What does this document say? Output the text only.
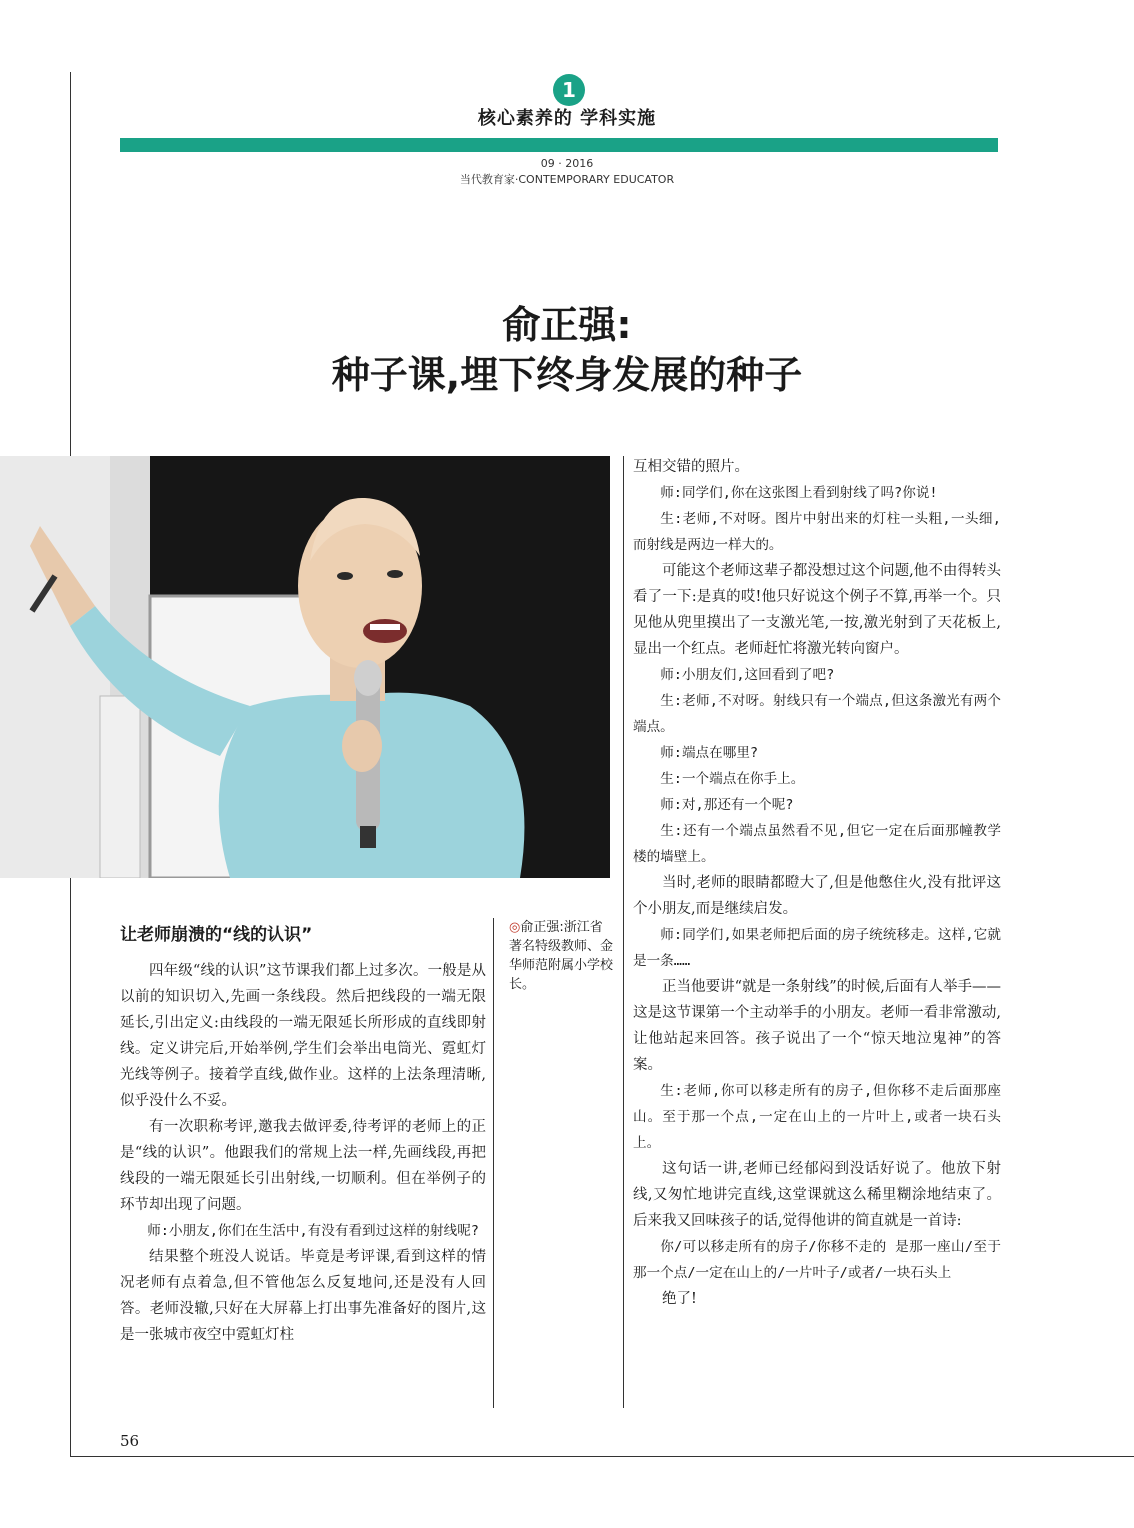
1
核心素养的 学科实施
09 · 2016
当代教育家·CONTEMPORARY EDUCATOR
俞正强:
种子课,埋下终身发展的种子
让老师崩溃的“线的认识”	◎俞正强:浙江省著名特级教师、金华师范附属小学校长。

四年级“线的认识”这节课我们都上过多次。一般是从以前的知识切入,先画一条线段。然后把线段的一端无限延长,引出定义:由线段的一端无限延长所形成的直线即射线。定义讲完后,开始举例,学生们会举出电筒光、霓虹灯光线等例子。接着学直线,做作业。这样的上法条理清晰,似乎没什么不妥。

有一次职称考评,邀我去做评委,待考评的老师上的正是“线的认识”。他跟我们的常规上法一样,先画线段,再把线段的一端无限延长引出射线,一切顺利。但在举例子的环节却出现了问题。

师:小朋友,你们在生活中,有没有看到过这样的射线呢?

结果整个班没人说话。毕竟是考评课,看到这样的情况老师有点着急,但不管他怎么反复地问,还是没有人回答。老师没辙,只好在大屏幕上打出事先准备好的图片,这是一张城市夜空中霓虹灯柱

互相交错的照片。

师:同学们,你在这张图上看到射线了吗?你说!

生:老师,不对呀。图片中射出来的灯柱一头粗,一头细,而射线是两边一样大的。

可能这个老师这辈子都没想过这个问题,他不由得转头看了一下:是真的哎!他只好说这个例子不算,再举一个。只见他从兜里摸出了一支激光笔,一按,激光射到了天花板上,显出一个红点。老师赶忙将激光转向窗户。

师:小朋友们,这回看到了吧?

生:老师,不对呀。射线只有一个端点,但这条激光有两个端点。

师:端点在哪里?

生:一个端点在你手上。

师:对,那还有一个呢?

生:还有一个端点虽然看不见,但它一定在后面那幢教学楼的墙壁上。

当时,老师的眼睛都瞪大了,但是他憋住火,没有批评这个小朋友,而是继续启发。

师:同学们,如果老师把后面的房子统统移走。这样,它就是一条……

正当他要讲“就是一条射线”的时候,后面有人举手——这是这节课第一个主动举手的小朋友。老师一看非常激动,让他站起来回答。孩子说出了一个“惊天地泣鬼神”的答案。

生:老师,你可以移走所有的房子,但你移不走后面那座山。至于那一个点,一定在山上的一片叶上,或者一块石头上。

这句话一讲,老师已经郁闷到没话好说了。他放下射线,又匆忙地讲完直线,这堂课就这么稀里糊涂地结束了。后来我又回味孩子的话,觉得他讲的简直就是一首诗:

你/可以移走所有的房子/你移不走的 是那一座山/至于那一个点/一定在山上的/一片叶子/或者/一块石头上

绝了!

56
